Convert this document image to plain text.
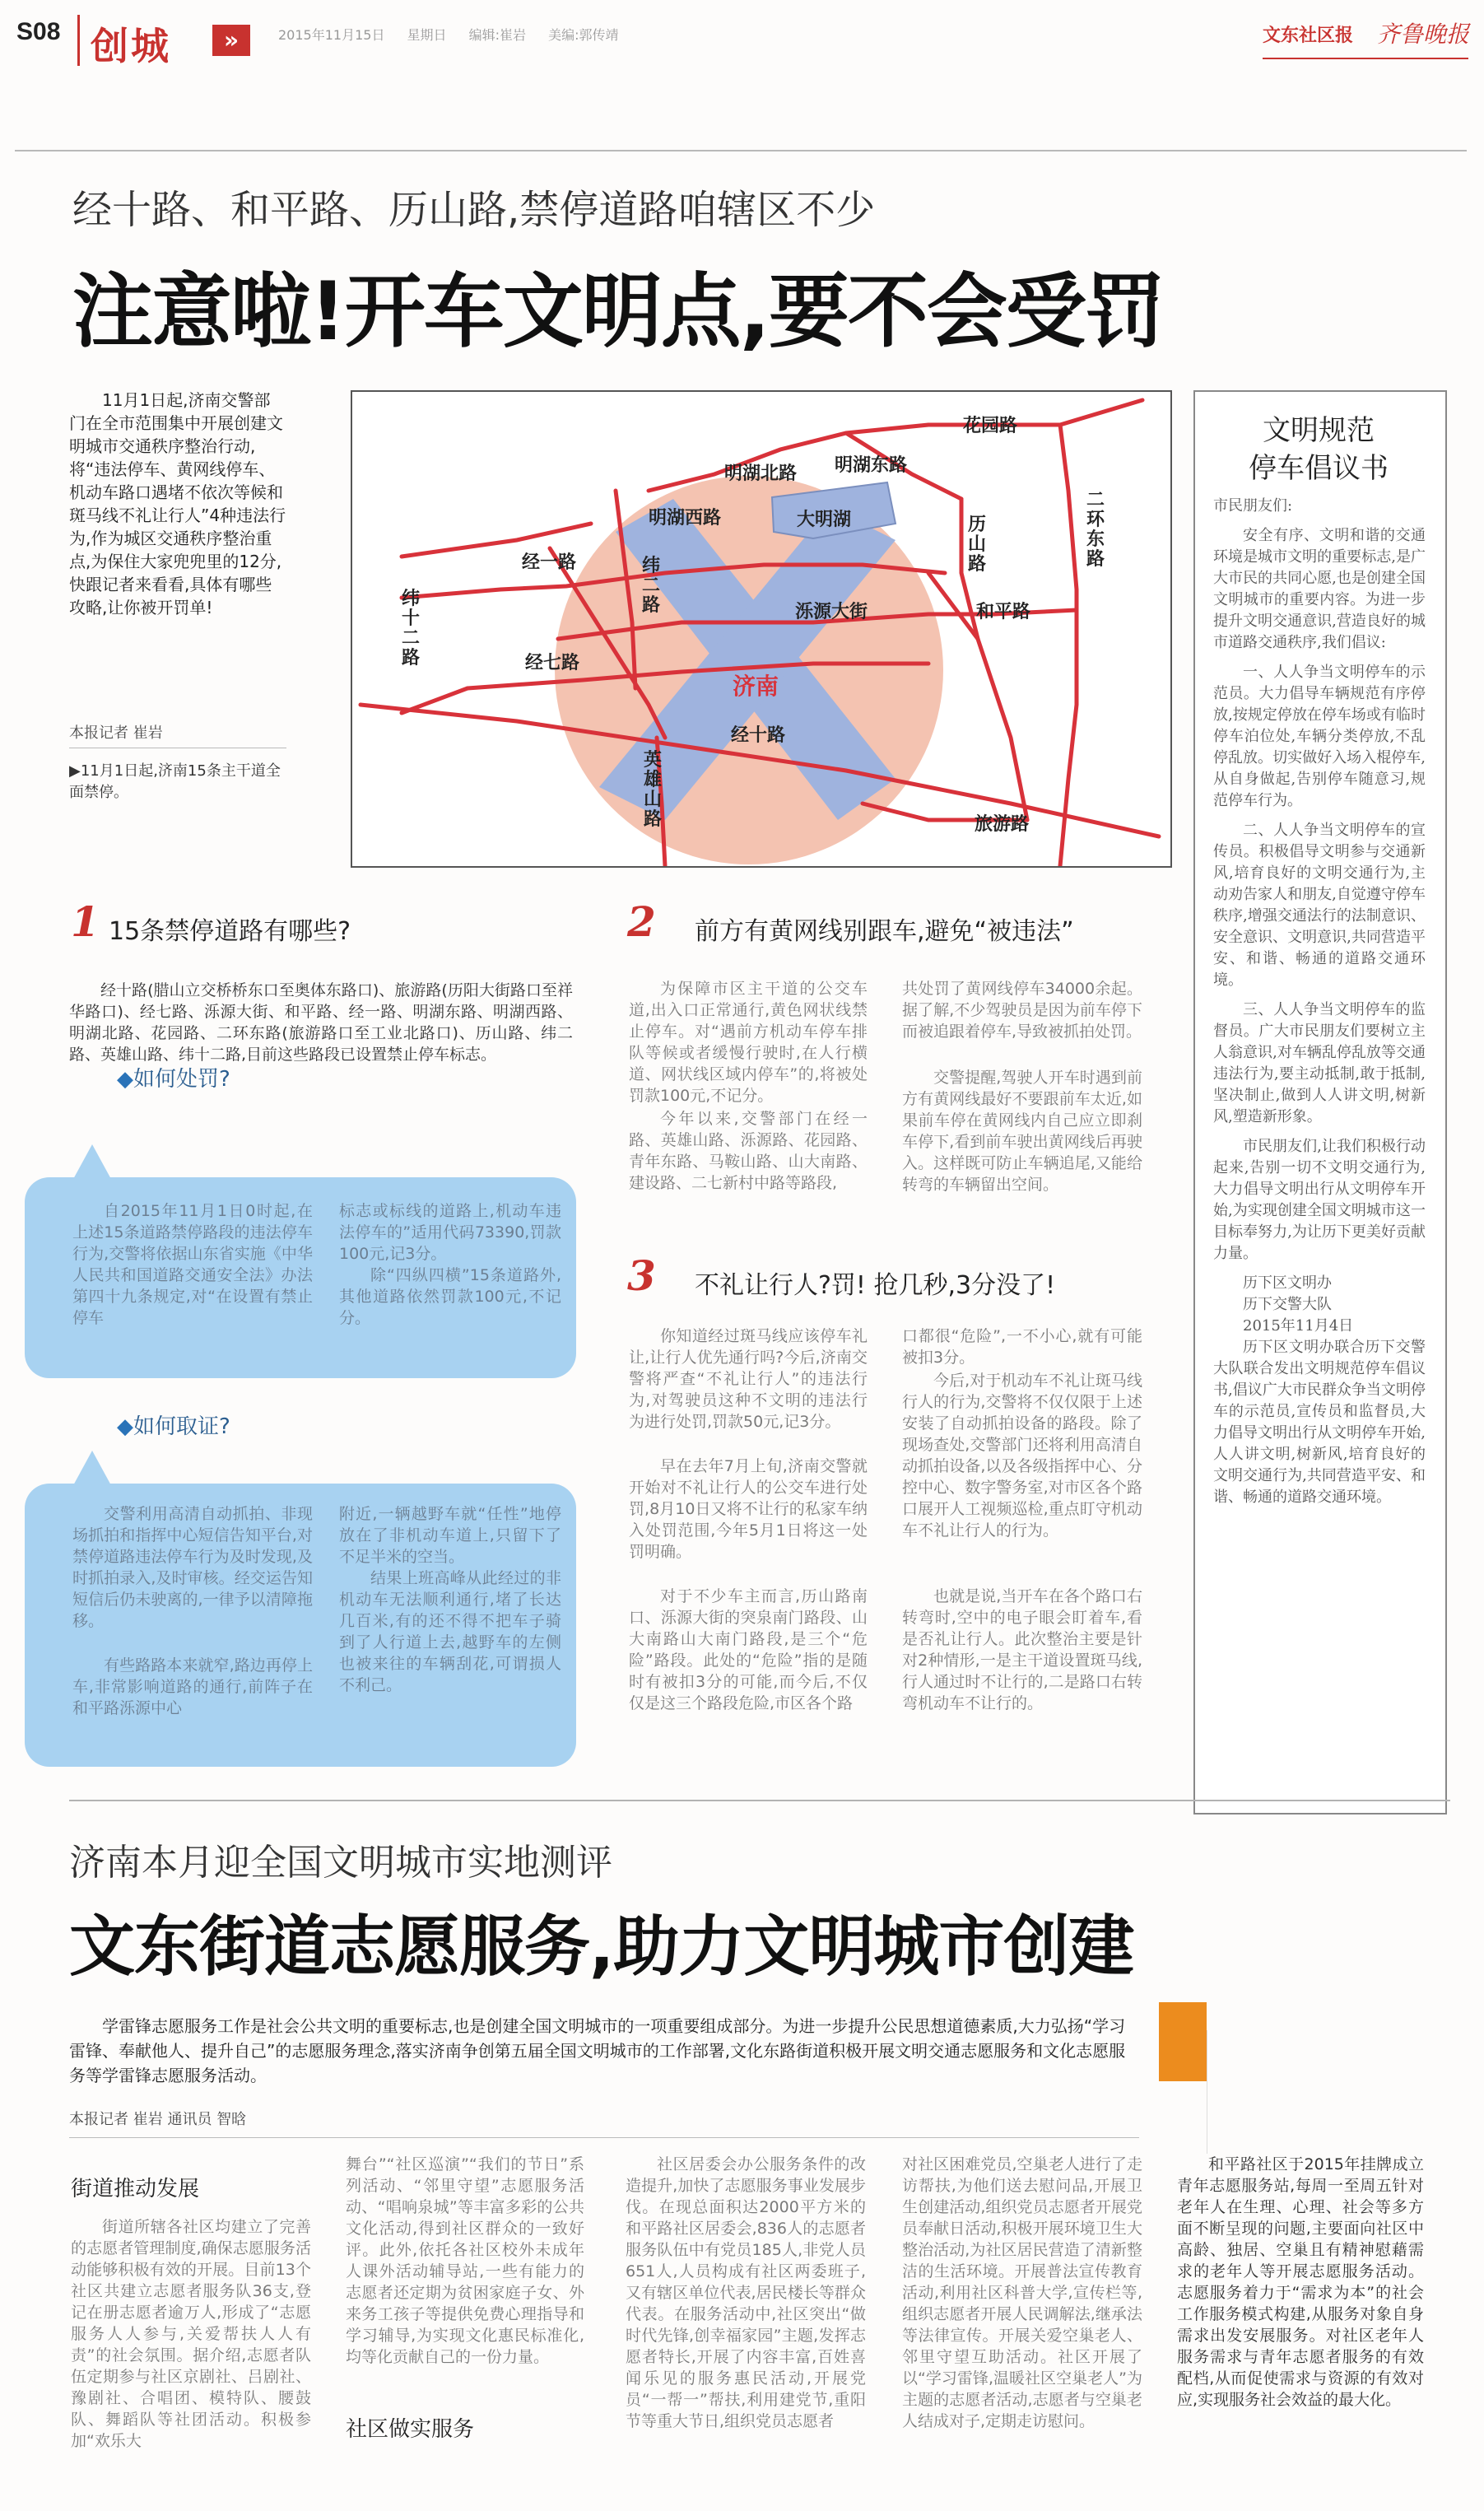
S08 创城	»	2015年11月15日 星期日 编辑:崔岩 美编:郭传靖	文东社区报 齐鲁晚报
经十路、和平路、历山路,禁停道路咱辖区不少
注意啦!开车文明点,要不会受罚
11月1日起,济南交警部门在全市范围集中开展创建文明城市交通秩序整治行动,将“违法停车、黄网线停车、机动车路口遇堵不依次等候和斑马线不礼让行人”4种违法行为,作为城区交通秩序整治重点,为保住大家兜兜里的12分,快跟记者来看看,具体有哪些攻略,让你被开罚单!
本报记者 崔岩
▶11月1日起,济南15条主干道全面禁停。
花园路
明湖西路
明湖北路 明湖东路
大明湖	历山路
二环东路
经一路	纬二路
纬十二路
泺源大街	和平路
经七路
济南
经十路
英雄山路	旅游路
1 15条禁停道路有哪些?
经十路(腊山立交桥桥东口至奥体东路口)、旅游路(历阳大街路口至祥华路口)、经七路、泺源大街、和平路、经一路、明湖东路、明湖西路、明湖北路、花园路、二环东路(旅游路口至工业北路口)、历山路、纬二路、英雄山路、纬十二路,目前这些路段已设置禁止停车标志。
◆如何处罚?
自2015年11月1日0时起,在上述15条道路禁停路段的违法停车行为,交警将依据山东省实施《中华人民共和国道路交通安全法》办法第四十九条规定,对“在设置有禁止停车
标志或标线的道路上,机动车违法停车的”适用代码73390,罚款100元,记3分。
除“四纵四横”15条道路外,其他道路依然罚款100元,不记分。
◆如何取证?
交警利用高清自动抓拍、非现场抓拍和指挥中心短信告知平台,对禁停道路违法停车行为及时发现,及时抓拍录入,及时审核。经交运告知短信后仍未驶离的,一律予以清障拖移。
有些路路本来就窄,路边再停上车,非常影响道路的通行,前阵子在和平路泺源中心
附近,一辆越野车就“任性”地停放在了非机动车道上,只留下了不足半米的空当。
结果上班高峰从此经过的非机动车无法顺利通行,堵了长达几百米,有的还不得不把车子骑到了人行道上去,越野车的左侧也被来往的车辆刮花,可谓损人不利己。
2 前方有黄网线别跟车,避免“被违法”
为保障市区主干道的公交车道,出入口正常通行,黄色网状线禁止停车。对“遇前方机动车停车排队等候或者缓慢行驶时,在人行横道、网状线区域内停车”的,将被处罚款100元,不记分。
今年以来,交警部门在经一路、英雄山路、泺源路、花园路、青年东路、马鞍山路、山大南路、建设路、二七新村中路等路段,
共处罚了黄网线停车34000余起。据了解,不少驾驶员是因为前车停下而被追跟着停车,导致被抓拍处罚。
交警提醒,驾驶人开车时遇到前方有黄网线最好不要跟前车太近,如果前车停在黄网线内自己应立即刹车停下,看到前车驶出黄网线后再驶入。这样既可防止车辆追尾,又能给转弯的车辆留出空间。
3 不礼让行人?罚! 抢几秒,3分没了!
你知道经过斑马线应该停车礼让,让行人优先通行吗?今后,济南交警将严查“不礼让行人”的违法行为,对驾驶员这种不文明的违法行为进行处罚,罚款50元,记3分。
早在去年7月上旬,济南交警就开始对不礼让行人的公交车进行处罚,8月10日又将不让行的私家车纳入处罚范围,今年5月1日将这一处罚明确。
对于不少车主而言,历山路南口、泺源大街的突泉南门路段、山大南路山大南门路段,是三个“危险”路段。此处的“危险”指的是随时有被扣3分的可能,而今后,不仅仅是这三个路段危险,市区各个路
口都很“危险”,一不小心,就有可能被扣3分。
今后,对于机动车不礼让斑马线行人的行为,交警将不仅仅限于上述安装了自动抓拍设备的路段。除了现场查处,交警部门还将利用高清自动抓拍设备,以及各级指挥中心、分控中心、数字警务室,对市区各个路口展开人工视频巡检,重点盯守机动车不礼让行人的行为。
也就是说,当开车在各个路口右转弯时,空中的电子眼会盯着车,看是否礼让行人。此次整治主要是针对2种情形,一是主干道设置斑马线,行人通过时不让行的,二是路口右转弯机动车不让行的。
文明规范
停车倡议书

市民朋友们:

安全有序、文明和谐的交通环境是城市文明的重要标志,是广大市民的共同心愿,也是创建全国文明城市的重要内容。为进一步提升文明交通意识,营造良好的城市道路交通秩序,我们倡议:

一、人人争当文明停车的示范员。大力倡导车辆规范有序停放,按规定停放在停车场或有临时停车泊位处,车辆分类停放,不乱停乱放。切实做好入场入棍停车,从自身做起,告别停车随意习,规范停车行为。

二、人人争当文明停车的宣传员。积极倡导文明参与交通新风,培育良好的文明交通行为,主动劝告家人和朋友,自觉遵守停车秩序,增强交通法行的法制意识、安全意识、文明意识,共同营造平安、和谐、畅通的道路交通环境。

三、人人争当文明停车的监督员。广大市民朋友们要树立主人翁意识,对车辆乱停乱放等交通违法行为,要主动抵制,敢于抵制,坚决制止,做到人人讲文明,树新风,塑造新形象。

市民朋友们,让我们积极行动起来,告别一切不文明交通行为,大力倡导文明出行从文明停车开始,为实现创建全国文明城市这一目标奉努力,为让历下更美好贡献力量。

历下区文明办

历下交警大队

2015年11月4日

历下区文明办联合历下交警大队联合发出文明规范停车倡议书,倡议广大市民群众争当文明停车的示范员,宣传员和监督员,大力倡导文明出行从文明停车开始,人人讲文明,树新风,培育良好的文明交通行为,共同营造平安、和谐、畅通的道路交通环境。

济南本月迎全国文明城市实地测评
文东街道志愿服务,助力文明城市创建
学雷锋志愿服务工作是社会公共文明的重要标志,也是创建全国文明城市的一项重要组成部分。为进一步提升公民思想道德素质,大力弘扬“学习雷锋、奉献他人、提升自己”的志愿服务理念,落实济南争创第五届全国文明城市的工作部署,文化东路街道积极开展文明交通志愿服务和文化志愿服务等学雷锋志愿服务活动。
本报记者 崔岩 通讯员 智晗
街道推动发展
街道所辖各社区均建立了完善的志愿者管理制度,确保志愿服务活动能够积极有效的开展。目前13个社区共建立志愿者服务队36支,登记在册志愿者逾万人,形成了“志愿服务人人参与,关爱帮扶人人有责”的社会氛围。据介绍,志愿者队伍定期参与社区京剧社、吕剧社、豫剧社、合唱团、模特队、腰鼓队、舞蹈队等社团活动。积极参加“欢乐大
舞台”“社区巡演”“我们的节日”系列活动、“邻里守望”志愿服务活动、“唱响泉城”等丰富多彩的公共文化活动,得到社区群众的一致好评。此外,依托各社区校外未成年人课外活动辅导站,一些有能力的志愿者还定期为贫困家庭子女、外来务工孩子等提供免费心理指导和学习辅导,为实现文化惠民标准化,均等化贡献自己的一份力量。
社区做实服务
社区居委会办公服务条件的改造提升,加快了志愿服务事业发展步伐。在现总面积达2000平方米的和平路社区居委会,836人的志愿者服务队伍中有党员185人,非党人员651人,人员构成有社区两委班子,又有辖区单位代表,居民楼长等群众代表。在服务活动中,社区突出“做时代先锋,创幸福家园”主题,发挥志愿者特长,开展了内容丰富,百姓喜闻乐见的服务惠民活动,开展党员“一帮一”帮扶,利用建党节,重阳节等重大节日,组织党员志愿者
对社区困难党员,空巢老人进行了走访帮扶,为他们送去慰问品,开展卫生创建活动,组织党员志愿者开展党员奉献日活动,积极开展环境卫生大整治活动,为社区居民营造了清新整洁的生活环境。开展普法宣传教育活动,利用社区科普大学,宣传栏等,组织志愿者开展人民调解法,继承法等法律宣传。开展关爱空巢老人、邻里守望互助活动。社区开展了以“学习雷锋,温暖社区空巢老人”为主题的志愿者活动,志愿者与空巢老人结成对子,定期走访慰问。
和平路社区于2015年挂牌成立青年志愿服务站,每周一至周五针对老年人在生理、心理、社会等多方面不断呈现的问题,主要面向社区中高龄、独居、空巢且有精神慰藉需求的老年人等开展志愿服务活动。志愿服务着力于“需求为本”的社会工作服务模式构建,从服务对象自身需求出发安展服务。对社区老年人服务需求与青年志愿者服务的有效配档,从而促使需求与资源的有效对应,实现服务社会效益的最大化。
